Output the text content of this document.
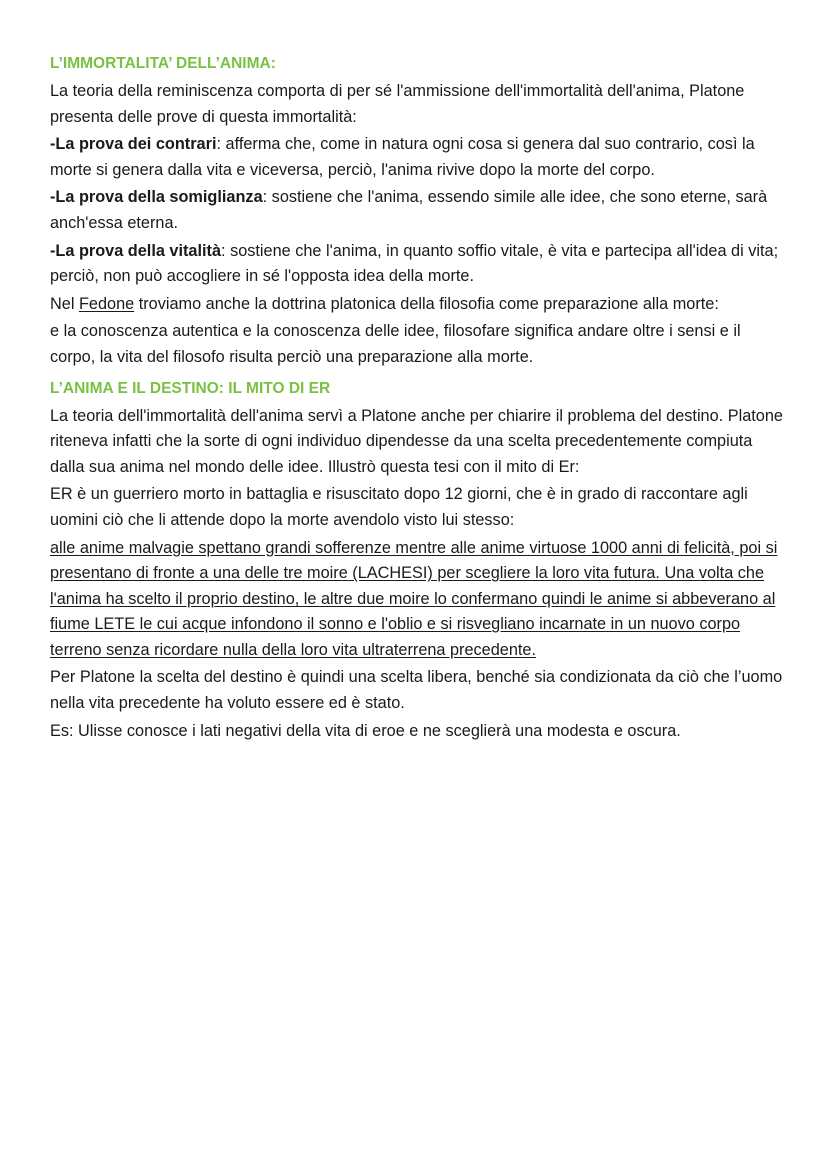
L’IMMORTALITA’ DELL’ANIMA:

La teoria della reminiscenza comporta di per sé l'ammissione dell'immortalità dell'anima, Platone presenta delle prove di questa immortalità:

-La prova dei contrari: afferma che, come in natura ogni cosa si genera dal suo contrario, così la morte si genera dalla vita e viceversa, perciò, l'anima rivive dopo la morte del corpo.

-La prova della somiglianza: sostiene che l'anima, essendo simile alle idee, che sono eterne, sarà anch'essa eterna.

-La prova della vitalità: sostiene che l'anima, in quanto soffio vitale, è vita e partecipa all'idea di vita; perciò, non può accogliere in sé l'opposta idea della morte.

Nel Fedone troviamo anche la dottrina platonica della filosofia come preparazione alla morte:

e la conoscenza autentica e la conoscenza delle idee, filosofare significa andare oltre i sensi e il corpo, la vita del filosofo risulta perciò una preparazione alla morte.

L’ANIMA E IL DESTINO: IL MITO DI ER

La teoria dell'immortalità dell'anima servì a Platone anche per chiarire il problema del destino. Platone riteneva infatti che la sorte di ogni individuo dipendesse da una scelta precedentemente compiuta dalla sua anima nel mondo delle idee. Illustrò questa tesi con il mito di Er:

ER è un guerriero morto in battaglia e risuscitato dopo 12 giorni, che è in grado di raccontare agli uomini ciò che li attende dopo la morte avendolo visto lui stesso:

alle anime malvagie spettano grandi sofferenze mentre alle anime virtuose 1000 anni di felicità, poi si presentano di fronte a una delle tre moire (LACHESI) per scegliere la loro vita futura. Una volta che l'anima ha scelto il proprio destino, le altre due moire lo confermano quindi le anime si abbeverano al fiume LETE le cui acque infondono il sonno e l'oblio e si risvegliano incarnate in un nuovo corpo terreno senza ricordare nulla della loro vita ultraterrena precedente.

Per Platone la scelta del destino è quindi una scelta libera, benché sia condizionata da ciò che l’uomo nella vita precedente ha voluto essere ed è stato.

Es: Ulisse conosce i lati negativi della vita di eroe e ne sceglierà una modesta e oscura.
